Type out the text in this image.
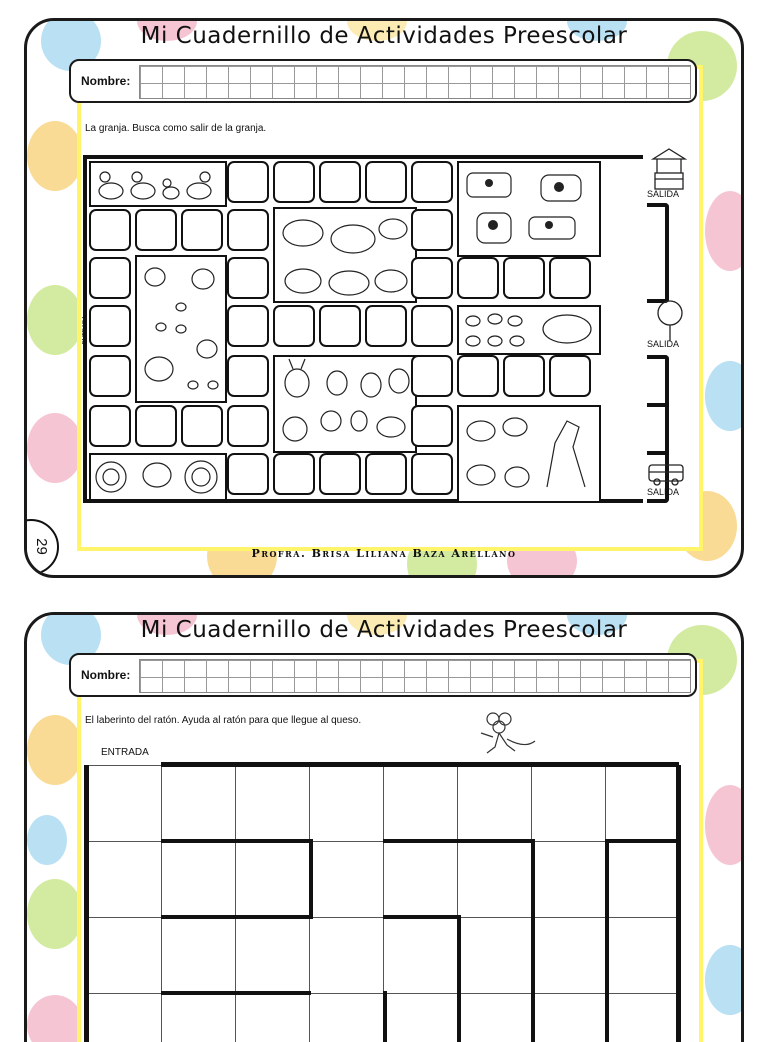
Mi Cuadernillo de Actividades Preescolar
Nombre:
La granja. Busca como salir de la granja.
ENTRADA
SALIDA
SALIDA
SALIDA
29	Profra. Brisa Liliana Baza Arellano
Mi Cuadernillo de Actividades Preescolar
Nombre:
El laberinto del ratón. Ayuda al ratón para que llegue al queso.
ENTRADA
